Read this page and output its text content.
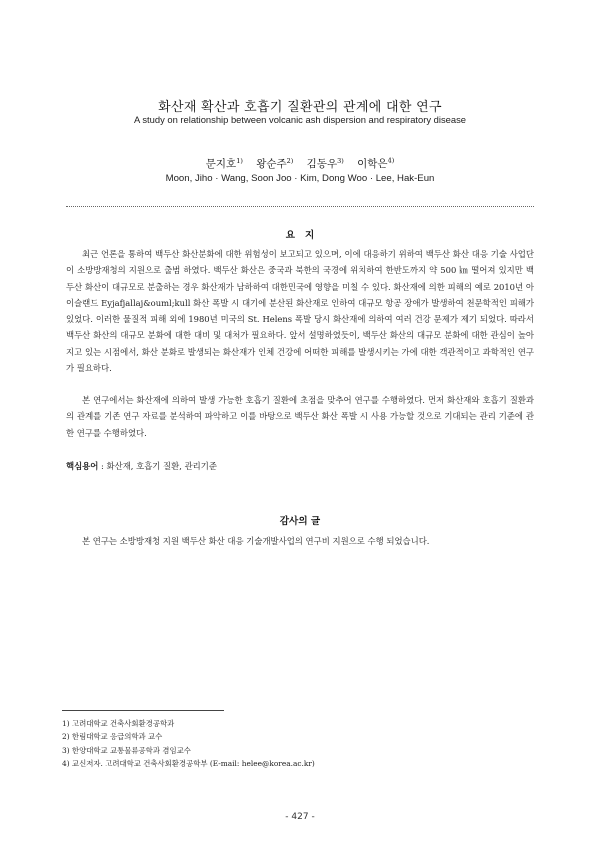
화산재 확산과 호흡기 질환관의 관계에 대한 연구
A study on relationship between volcanic ash dispersion and respiratory disease
문지호$^{1)}$ 왕순주$^{2)}$ 김동우$^{3)}$ 이학은$^{4)}$
Moon, Jiho · Wang, Soon Joo · Kim, Dong Woo · Lee, Hak-Eun
요지

최근 언론을 통하여 백두산 화산분화에 대한 위험성이 보고되고 있으며, 이에 대응하기 위하여 백두산 화산 대응 기술 사업단이 소방방재청의 지원으로 출범 하였다. 백두산 화산은 중국과 북한의 국경에 위치하여 한반도까지 약 500 ㎞ 떨어져 있지만 백두산 화산이 대규모로 분출하는 경우 화산재가 남하하여 대한민국에 영향을 미칠 수 있다. 화산재에 의한 피해의 예로 2010년 아이슬랜드 Eyjafjallaj&ouml;kull 화산 폭발 시 대기에 분산된 화산재로 인하여 대규모 항공 장애가 발생하여 천문학적인 피해가 있었다. 이러한 물질적 피해 외에 1980년 미국의 St. Helens 폭발 당시 화산재에 의하여 여러 건강 문제가 제기 되었다. 따라서 백두산 화산의 대규모 분화에 대한 대비 및 대처가 필요하다. 앞서 설명하였듯이, 백두산 화산의 대규모 분화에 대한 관심이 높아지고 있는 시점에서, 화산 분화로 발생되는 화산재가 인체 건강에 어떠한 피해를 발생시키는 가에 대한 객관적이고 과학적인 연구가 필요하다.

본 연구에서는 화산재에 의하여 발생 가능한 호흡기 질환에 초점을 맞추어 연구를 수행하였다. 먼저 화산재와 호흡기 질환과의 관계를 기존 연구 자료를 분석하여 파악하고 이를 바탕으로 백두산 화산 폭발 시 사용 가능할 것으로 기대되는 관리 기준에 관한 연구를 수행하였다.

핵심용어 : 화산재, 호흡기 질환, 관리기준
감사의 글

본 연구는 소방방재청 지원 백두산 화산 대응 기술개발사업의 연구비 지원으로 수행 되었습니다.

1) 고려대학교 건축사회환경공학과
2) 한림대학교 응급의학과 교수
3) 한양대학교 교통물류공학과 겸임교수
4) 교신저자. 고려대학교 건축사회환경공학부 (E-mail: helee@korea.ac.kr)
- 427 -
